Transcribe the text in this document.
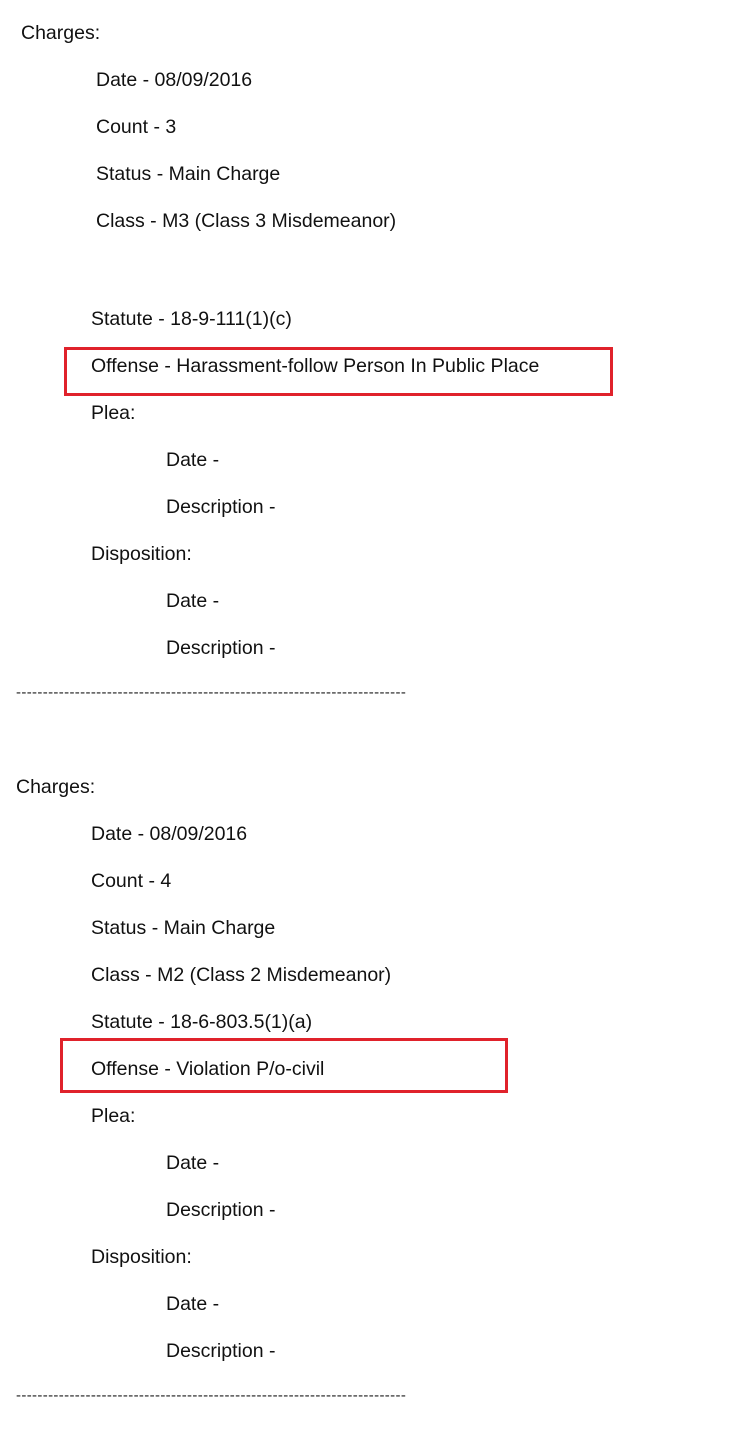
Charges:
Date - 08/09/2016
Count - 3
Status - Main Charge
Class - M3 (Class 3 Misdemeanor)
Statute - 18-9-111(1)(c)
Offense - Harassment-follow Person In Public Place
Plea:
Date -
Description -
Disposition:
Date -
Description -
-------------------------------------------------------------------------
Charges:
Date - 08/09/2016
Count - 4
Status - Main Charge
Class - M2 (Class 2 Misdemeanor)
Statute - 18-6-803.5(1)(a)
Offense - Violation P/o-civil
Plea:
Date -
Description -
Disposition:
Date -
Description -
-------------------------------------------------------------------------
